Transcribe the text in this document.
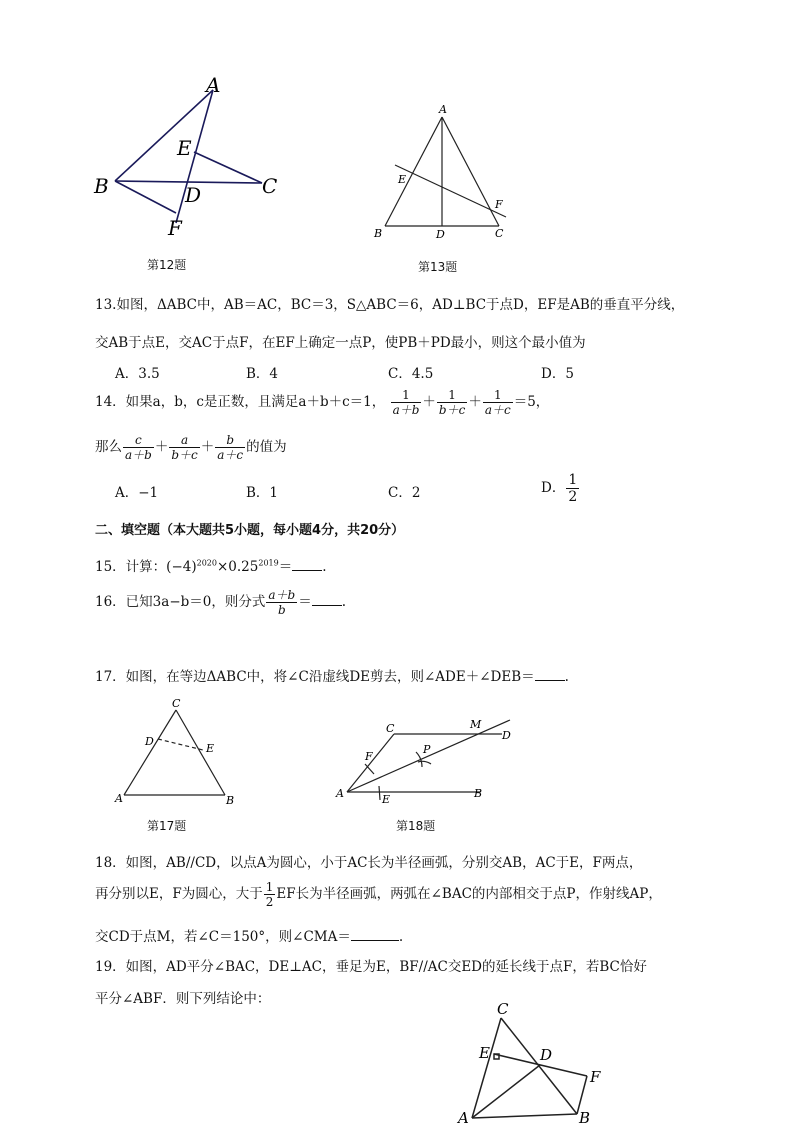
A
B	C
D
E
F
第12题
A
B	C
D
E
F
第13题
13.如图，ΔABC中，AB＝AC，BC＝3，S△ABC＝6，AD⊥BC于点D，EF是AB的垂直平分线，
交AB于点E，交AC于点F，在EF上确定一点P，使PB＋PD最小，则这个最小值为
A．3.5	B．4	C．4.5	D．5
14．如果a，b，c是正数，且满足a＋b＋c＝1， $\frac{1}{a+b} + \frac{1}{b+c} + \frac{1}{a+c} =5$，
那么 $\frac{c}{a+b} + \frac{a}{b+c} + \frac{b}{a+c}$ 的值为
A．−1	B．1	C．2	D． $\frac{1}{2}$
二、填空题（本大题共5小题，每小题4分，共20分）
15．计算：$(-4)^{2020}\times 0.25^{2019}=$ .
16．已知3a−b＝0，则分式 $\frac{a+b}{b}$ ＝ .
17．如图，在等边ΔABC中，将∠C沿虚线DE剪去，则∠ADE＋∠DEB＝ .
C
D
E
A	B
第17题
C	M
D
F
P
A	E	B
第18题
18．如图，AB//CD，以点A为圆心，小于AC长为半径画弧，分别交AB，AC于E，F两点，
再分别以E，F为圆心，大于 $\frac{1}{2}$ EF长为半径画弧，两弧在∠BAC的内部相交于点P，作射线AP，
交CD于点M，若∠C＝150°，则∠CMA＝	.
19．如图，AD平分∠BAC，DE⊥AC，垂足为E，BF//AC交ED的延长线于点F，若BC恰好
平分∠ABF．则下列结论中：
C
E	D
F
A	B
